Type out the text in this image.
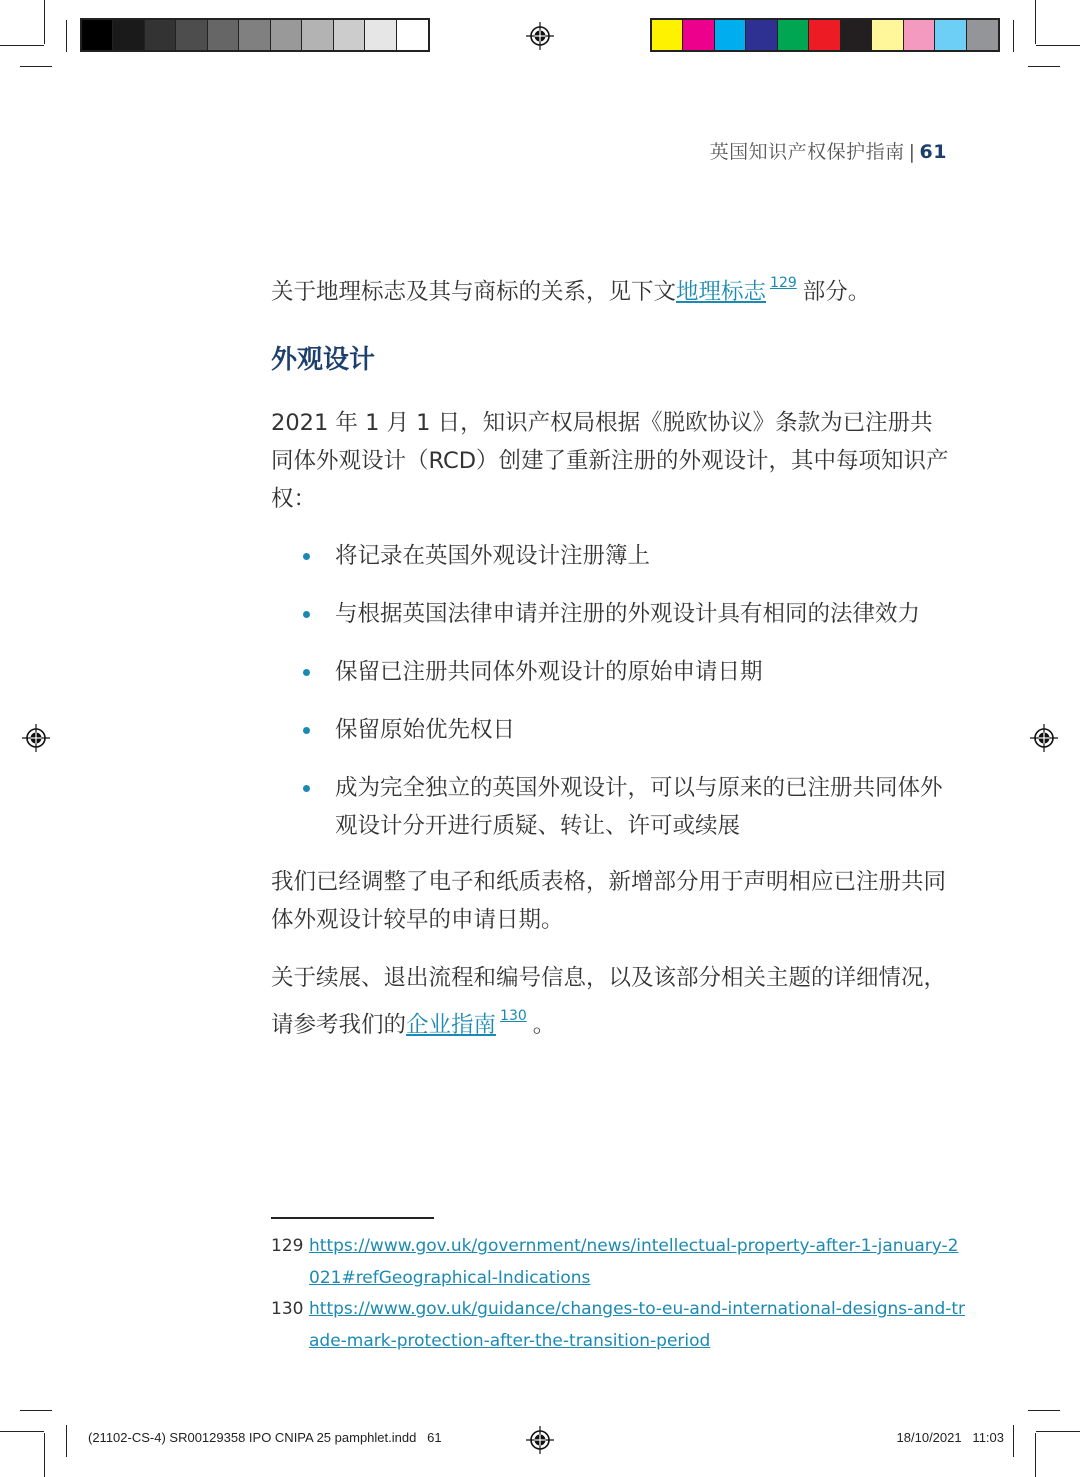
英国知识产权保护指南 | 61
关于地理标志及其与商标的关系，见下文地理标志 $^{129}$ 部分。
外观设计
2021 年 1 月 1 日，知识产权局根据《脱欧协议》条款为已注册共同体外观设计（RCD）创建了重新注册的外观设计，其中每项知识产权：
将记录在英国外观设计注册簿上
与根据英国法律申请并注册的外观设计具有相同的法律效力
保留已注册共同体外观设计的原始申请日期
保留原始优先权日
成为完全独立的英国外观设计，可以与原来的已注册共同体外观设计分开进行质疑、转让、许可或续展
我们已经调整了电子和纸质表格，新增部分用于声明相应已注册共同体外观设计较早的申请日期。
关于续展、退出流程和编号信息，以及该部分相关主题的详细情况，请参考我们的企业指南 $^{130}$ 。
129 https://www.gov.uk/government/news/intellectual-property-after-1-january-2021#refGeographical-Indications
130 https://www.gov.uk/guidance/changes-to-eu-and-international-designs-and-trade-mark-protection-after-the-transition-period
(21102-CS-4) SR00129358 IPO CNIPA 25 pamphlet.indd   61	18/10/2021   11:03
